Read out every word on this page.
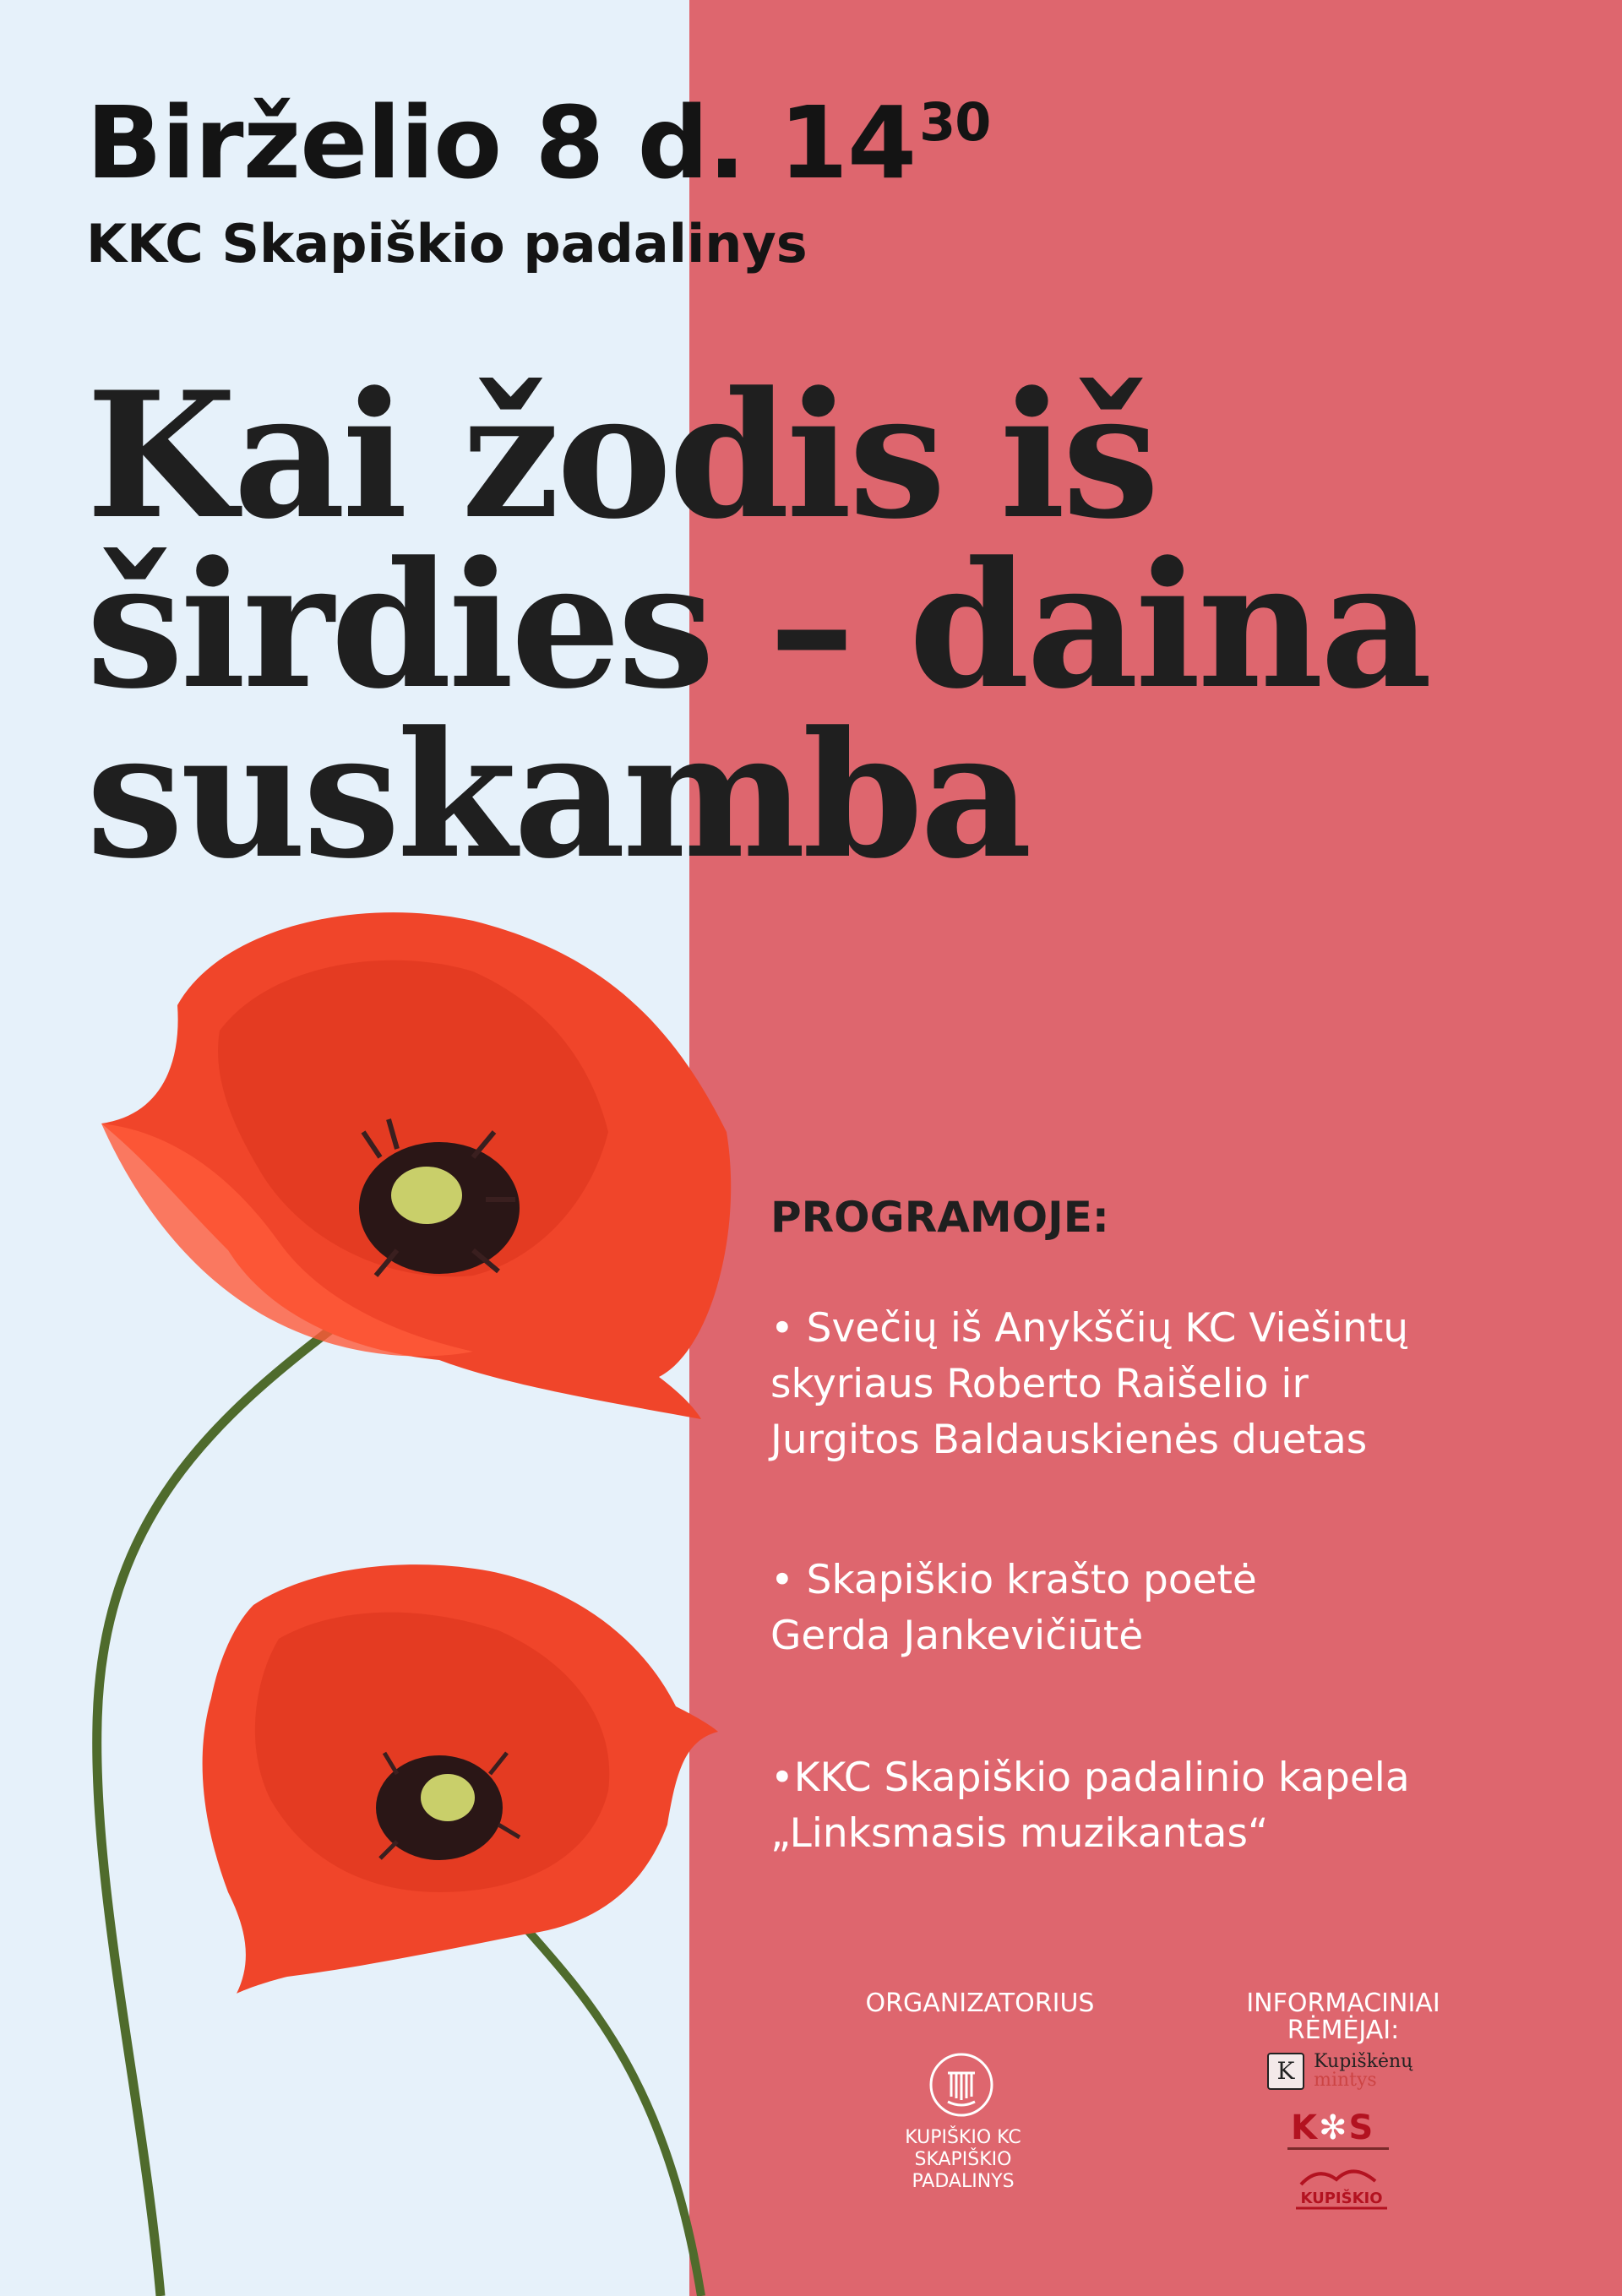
Birželio 8 d. $14^{30}$
KKC Skapiškio padalinys
Kai žodis iš
širdies – daina
suskamba
PROGRAMOJE:
• Svečių iš Anykščių KC Viešintų
skyriaus Roberto Raišelio ir
Jurgitos Baldauskienės duetas
• Skapiškio krašto poetė
Gerda Jankevičiūtė
•KKC Skapiškio padalinio kapela
„Linksmasis muzikantas“
ORGANIZATORIUS
KUPIŠKIO KC
SKAPIŠKIO
PADALINYS
INFORMACINIAI
RĖMĖJAI:
K Kupiškėnų
mintys
K✻S
KUPIŠKIO
